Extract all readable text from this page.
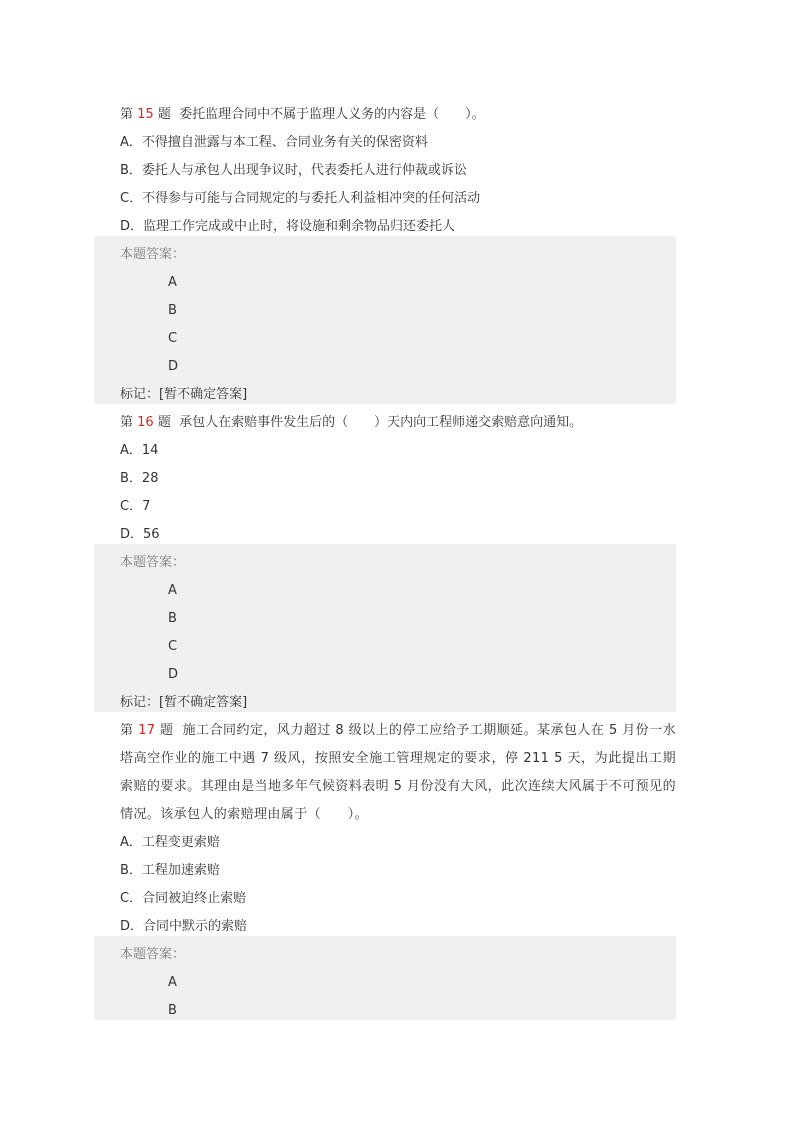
第 15 题 委托监理合同中不属于监理人义务的内容是（　　）。
A．不得擅自泄露与本工程、合同业务有关的保密资料
B．委托人与承包人出现争议时，代表委托人进行仲裁或诉讼
C．不得参与可能与合同规定的与委托人利益相冲突的任何活动
D．监理工作完成或中止时，将设施和剩余物品归还委托人
本题答案：
A
B
C
D
标记：[暂不确定答案]
第 16 题 承包人在索赔事件发生后的（　　）天内向工程师递交索赔意向通知。
A．14
B．28
C．7
D．56
本题答案：
A
B
C
D
标记：[暂不确定答案]
第 17 题 施工合同约定，风力超过 8 级以上的停工应给予工期顺延。某承包人在 5 月份一水塔高空作业的施工中遇 7 级风，按照安全施工管理规定的要求，停 211 5 天，为此提出工期索赔的要求。其理由是当地多年气候资料表明 5 月份没有大风，此次连续大风属于不可预见的情况。该承包人的索赔理由属于（　　）。
A．工程变更索赔
B．工程加速索赔
C．合同被迫终止索赔
D．合同中默示的索赔
本题答案：
A
B
